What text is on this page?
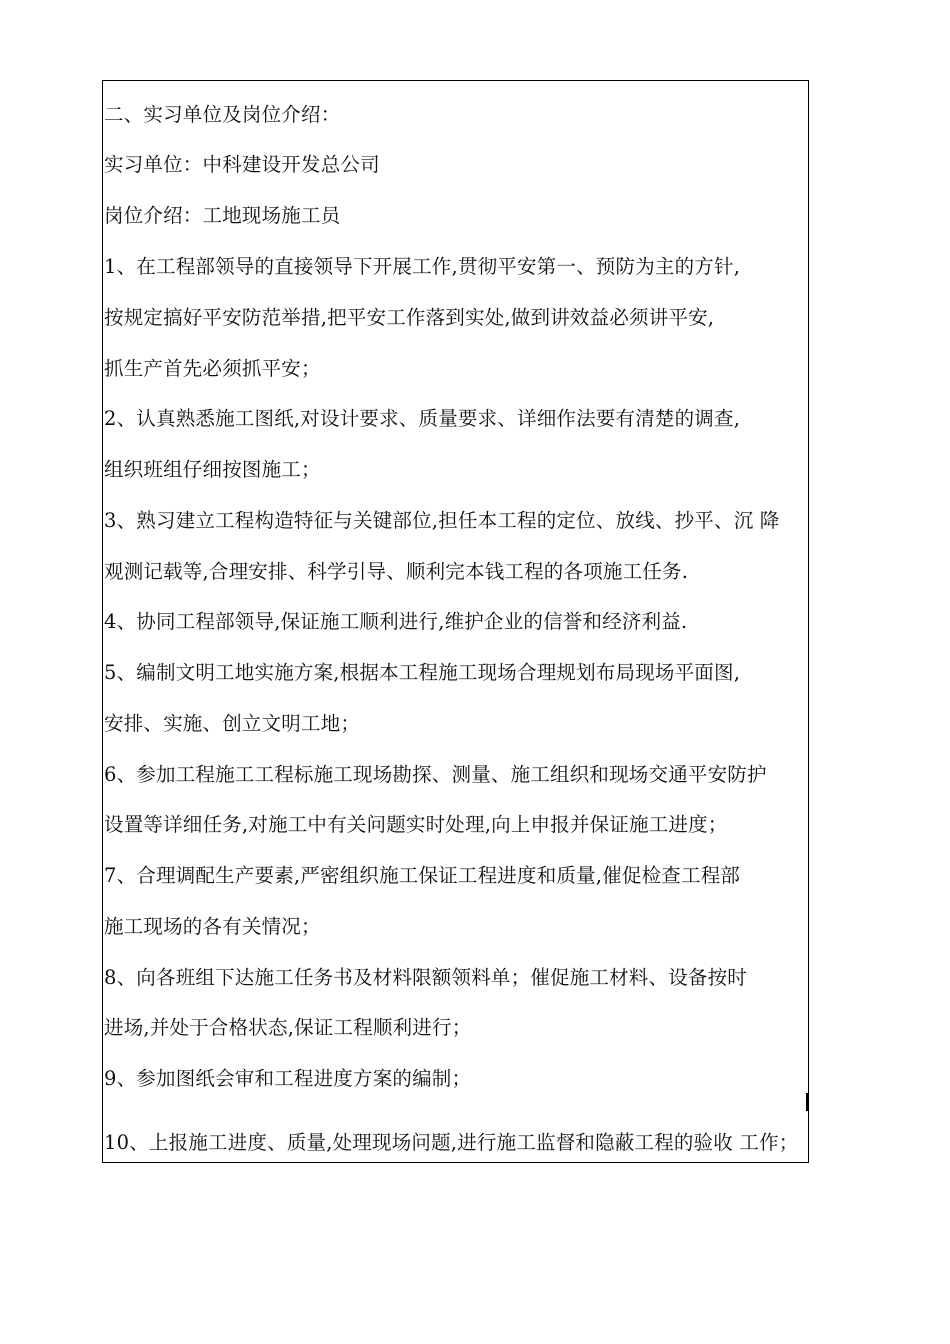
二、实习单位及岗位介绍：
实习单位：中科建设开发总公司
岗位介绍：工地现场施工员
1、在工程部领导的直接领导下开展工作,贯彻平安第一、预防为主的方针,
按规定搞好平安防范举措,把平安工作落到实处,做到讲效益必须讲平安,
抓生产首先必须抓平安；
2、认真熟悉施工图纸,对设计要求、质量要求、详细作法要有清楚的调查,
组织班组仔细按图施工；
3、熟习建立工程构造特征与关键部位,担任本工程的定位、放线、抄平、沉 降
观测记载等,合理安排、科学引导、顺利完本钱工程的各项施工任务.
4、协同工程部领导,保证施工顺利进行,维护企业的信誉和经济利益.
5、编制文明工地实施方案,根据本工程施工现场合理规划布局现场平面图,
安排、实施、创立文明工地；
6、参加工程施工工程标施工现场勘探、测量、施工组织和现场交通平安防护
设置等详细任务,对施工中有关问题实时处理,向上申报并保证施工进度；
7、合理调配生产要素,严密组织施工保证工程进度和质量,催促检查工程部
施工现场的各有关情况；
8、向各班组下达施工任务书及材料限额领料单；催促施工材料、设备按时
进场,并处于合格状态,保证工程顺利进行；
9、参加图纸会审和工程进度方案的编制；
10、上报施工进度、质量,处理现场问题,进行施工监督和隐蔽工程的验收 工作；
